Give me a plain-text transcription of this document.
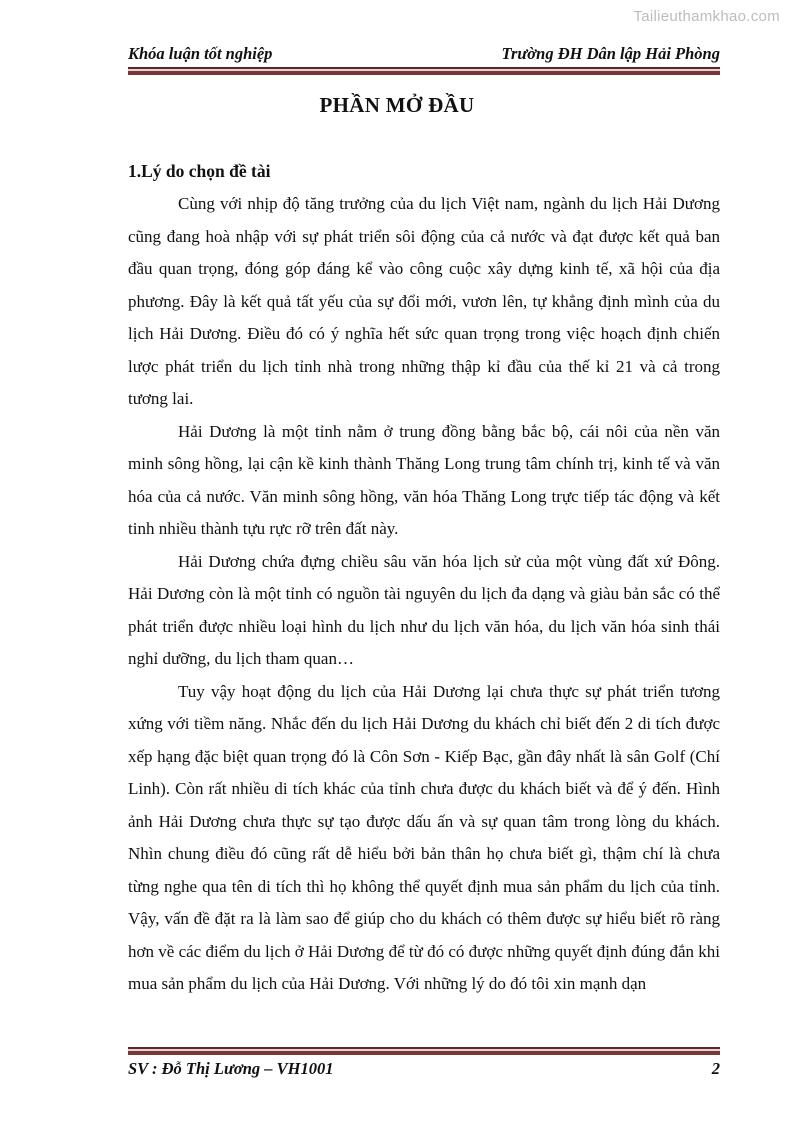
Tailieuthamkhao.com
Khóa luận tốt nghiệp	Trường ĐH Dân lập Hải Phòng
PHẦN MỞ ĐẦU

1.Lý do chọn đề tài

Cùng với nhịp độ tăng trưởng của du lịch Việt nam, ngành du lịch Hải Dương cũng đang hoà nhập với sự phát triển sôi động của cả nước và đạt được kết quả ban đầu quan trọng, đóng góp đáng kể vào công cuộc xây dựng kinh tế, xã hội của địa phương. Đây là kết quả tất yếu của sự đổi mới, vươn lên, tự khẳng định mình của du lịch Hải Dương. Điều đó có ý nghĩa hết sức quan trọng trong việc hoạch định chiến lược phát triển du lịch tỉnh nhà trong những thập kỉ đầu của thế kỉ 21 và cả trong tương lai.

Hải Dương là một tỉnh nằm ở trung đồng bằng bắc bộ, cái nôi của nền văn minh sông hồng, lại cận kề kinh thành Thăng Long trung tâm chính trị, kinh tế và văn hóa của cả nước. Văn minh sông hồng, văn hóa Thăng Long trực tiếp tác động và kết tinh nhiều thành tựu rực rỡ trên đất này.

Hải Dương chứa đựng chiều sâu văn hóa lịch sử của một vùng đất xứ Đông. Hải Dương còn là một tỉnh có nguồn tài nguyên du lịch đa dạng và giàu bản sắc có thể phát triển được nhiều loại hình du lịch như du lịch văn hóa, du lịch văn hóa sinh thái nghỉ dưỡng, du lịch tham quan…

Tuy vậy hoạt động du lịch của Hải Dương lại chưa thực sự phát triển tương xứng với tiềm năng. Nhắc đến du lịch Hải Dương du khách chỉ biết đến 2 di tích được xếp hạng đặc biệt quan trọng đó là Côn Sơn - Kiếp Bạc, gần đây nhất là sân Golf (Chí Linh). Còn rất nhiều di tích khác của tỉnh chưa được du khách biết và để ý đến. Hình ảnh Hải Dương chưa thực sự tạo được dấu ấn và sự quan tâm trong lòng du khách. Nhìn chung điều đó cũng rất dễ hiểu bởi bản thân họ chưa biết gì, thậm chí là chưa từng nghe qua tên di tích thì họ không thể quyết định mua sản phẩm du lịch của tỉnh. Vậy, vấn đề đặt ra là làm sao để giúp cho du khách có thêm được sự hiểu biết rõ ràng hơn về các điểm du lịch ở Hải Dương để từ đó có được những quyết định đúng đắn khi mua sản phẩm du lịch của Hải Dương. Với những lý do đó tôi xin mạnh dạn

SV : Đỗ Thị Lương – VH1001	2
